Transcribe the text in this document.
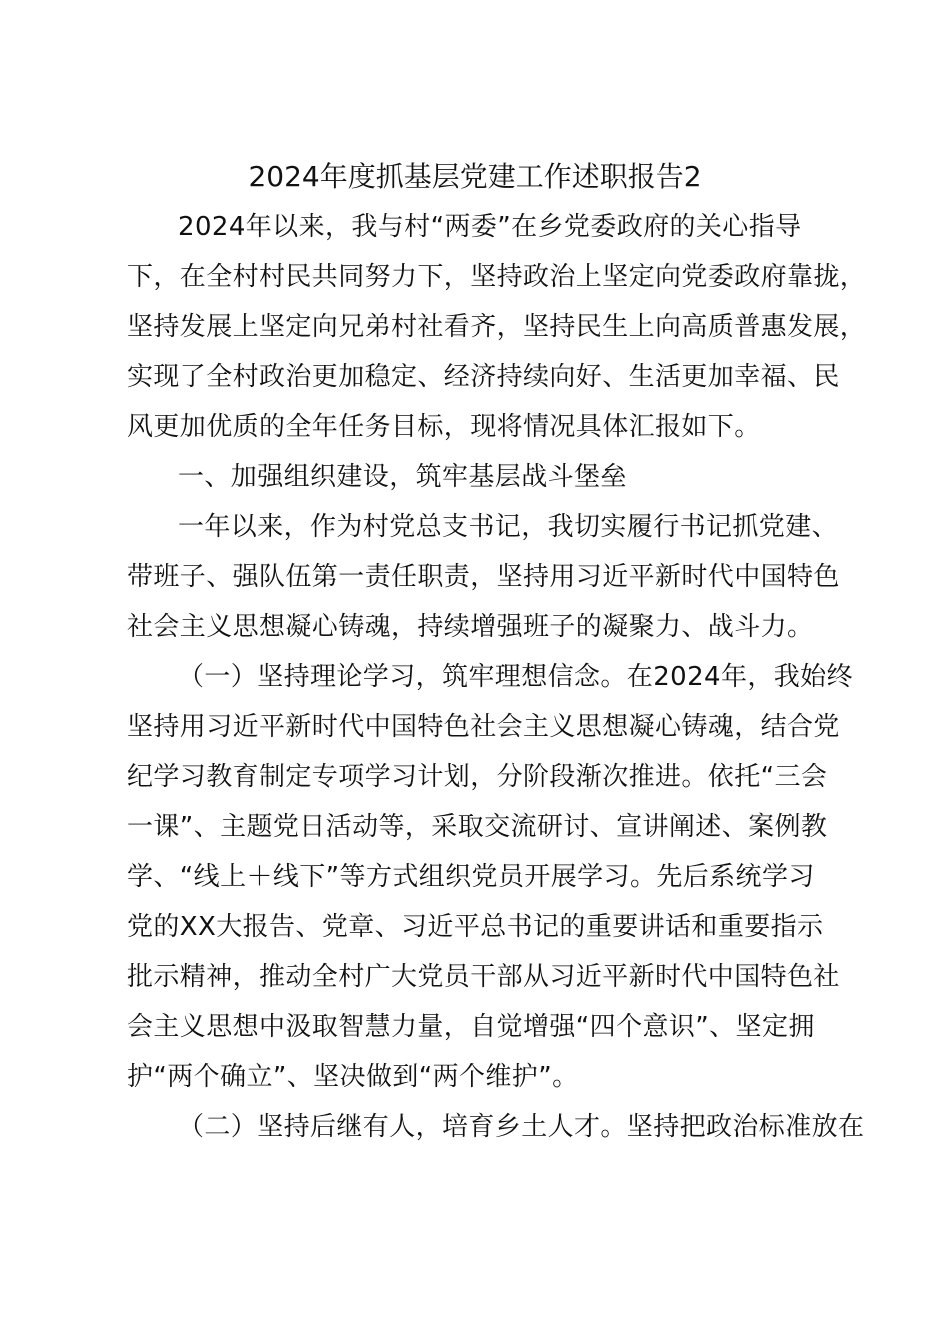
2024年度抓基层党建工作述职报告2
2024年以来，我与村“两委”在乡党委政府的关心指导
下，在全村村民共同努力下，坚持政治上坚定向党委政府靠拢，
坚持发展上坚定向兄弟村社看齐，坚持民生上向高质普惠发展，
实现了全村政治更加稳定、经济持续向好、生活更加幸福、民
风更加优质的全年任务目标，现将情况具体汇报如下。
一、加强组织建设，筑牢基层战斗堡垒
一年以来，作为村党总支书记，我切实履行书记抓党建、
带班子、强队伍第一责任职责，坚持用习近平新时代中国特色
社会主义思想凝心铸魂，持续增强班子的凝聚力、战斗力。
（一）坚持理论学习，筑牢理想信念。在2024年，我始终
坚持用习近平新时代中国特色社会主义思想凝心铸魂，结合党
纪学习教育制定专项学习计划，分阶段渐次推进。依托“三会
一课”、主题党日活动等，采取交流研讨、宣讲阐述、案例教
学、“线上＋线下”等方式组织党员开展学习。先后系统学习
党的XX大报告、党章、习近平总书记的重要讲话和重要指示
批示精神，推动全村广大党员干部从习近平新时代中国特色社
会主义思想中汲取智慧力量，自觉增强“四个意识”、坚定拥
护“两个确立”、坚决做到“两个维护”。
（二）坚持后继有人，培育乡土人才。坚持把政治标准放在
